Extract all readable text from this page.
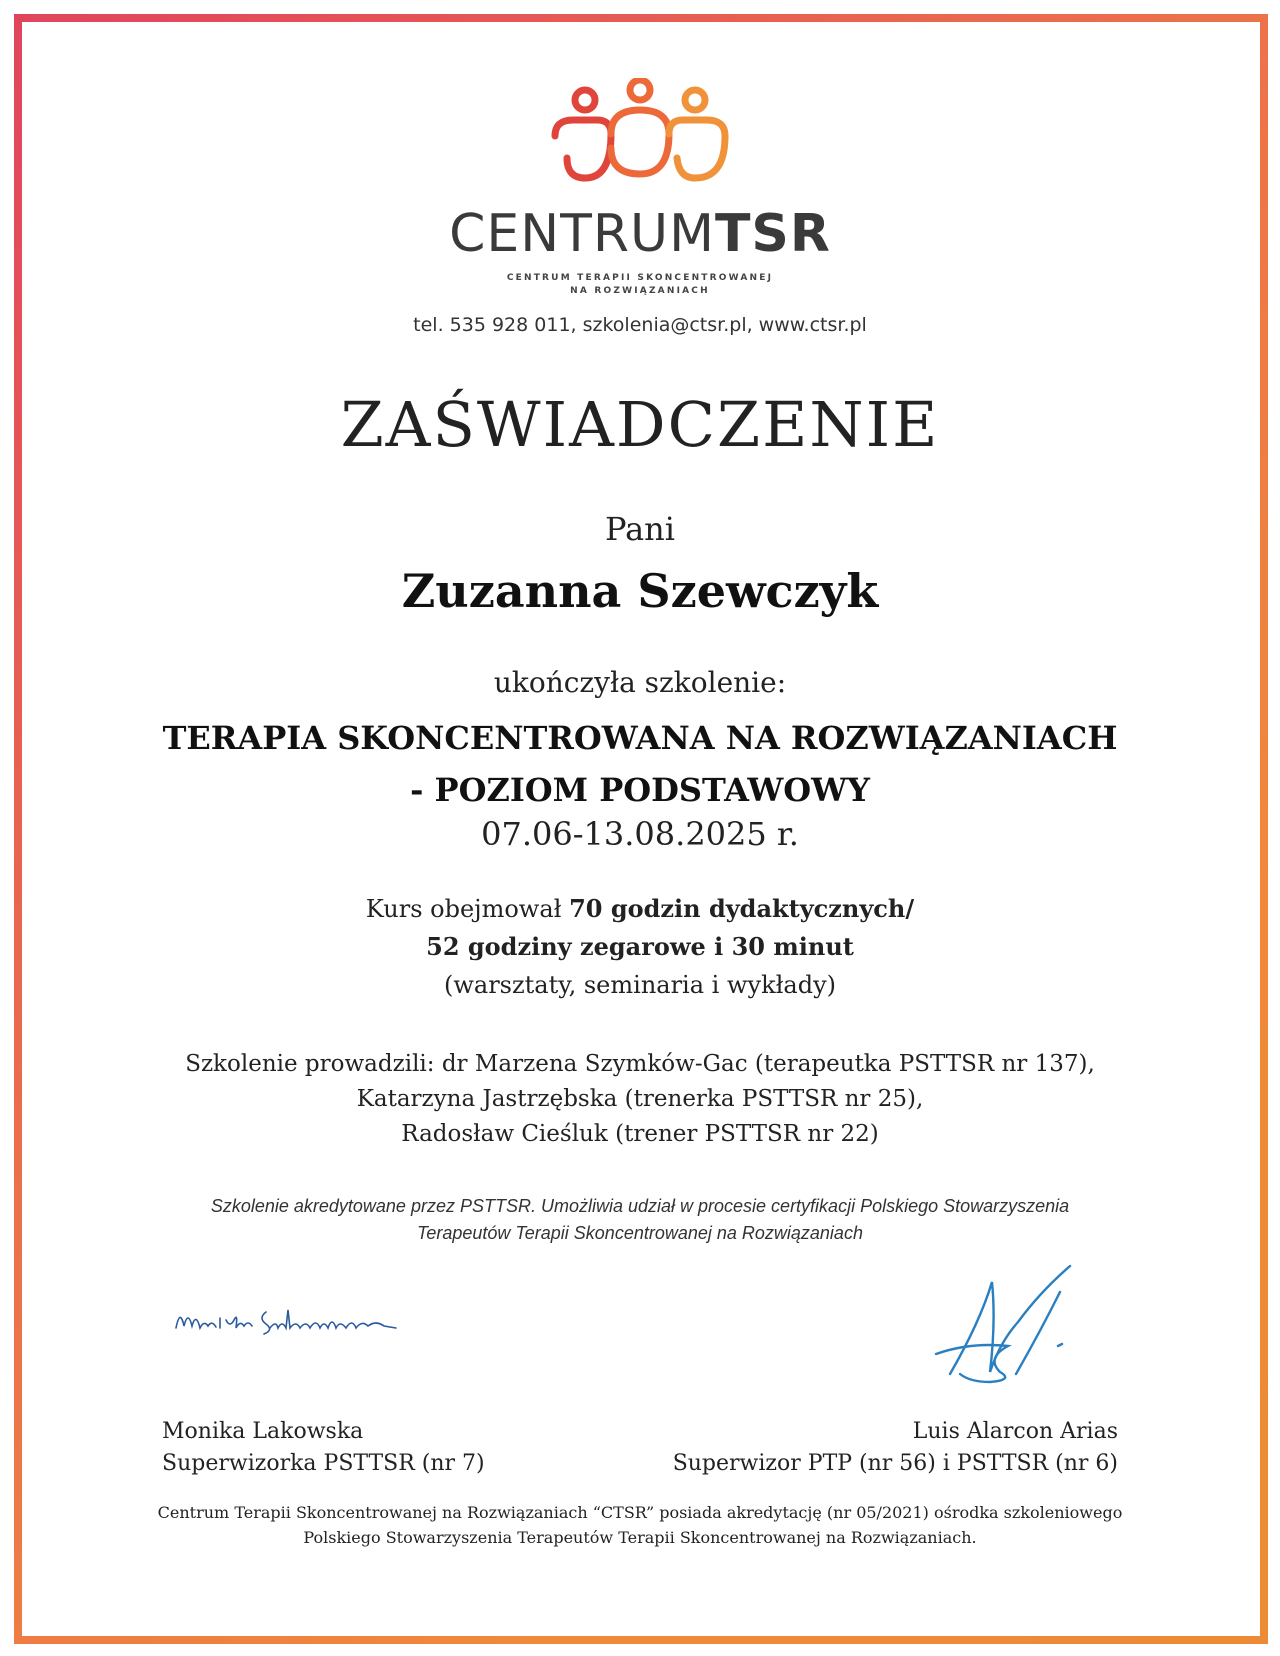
CENTRUMTSR
CENTRUM TERAPII SKONCENTROWANEJ
NA ROZWIĄZANIACH
tel. 535 928 011, szkolenia@ctsr.pl, www.ctsr.pl
ZAŚWIADCZENIE
Pani
Zuzanna Szewczyk
ukończyła szkolenie:
TERAPIA SKONCENTROWANA NA ROZWIĄZANIACH
- POZIOM PODSTAWOWY
07.06-13.08.2025 r.
Kurs obejmował 70 godzin dydaktycznych/
52 godziny zegarowe i 30 minut
(warsztaty, seminaria i wykłady)
Szkolenie prowadzili: dr Marzena Szymków-Gac (terapeutka PSTTSR nr 137),
Katarzyna Jastrzębska (trenerka PSTTSR nr 25),
Radosław Cieśluk (trener PSTTSR nr 22)
Szkolenie akredytowane przez PSTTSR. Umożliwia udział w procesie certyfikacji Polskiego Stowarzyszenia
Terapeutów Terapii Skoncentrowanej na Rozwiązaniach
Monika Lakowska
Superwizorka PSTTSR (nr 7)
Luis Alarcon Arias
Superwizor PTP (nr 56) i PSTTSR (nr 6)
Centrum Terapii Skoncentrowanej na Rozwiązaniach “CTSR” posiada akredytację (nr 05/2021) ośrodka szkoleniowego
Polskiego Stowarzyszenia Terapeutów Terapii Skoncentrowanej na Rozwiązaniach.
